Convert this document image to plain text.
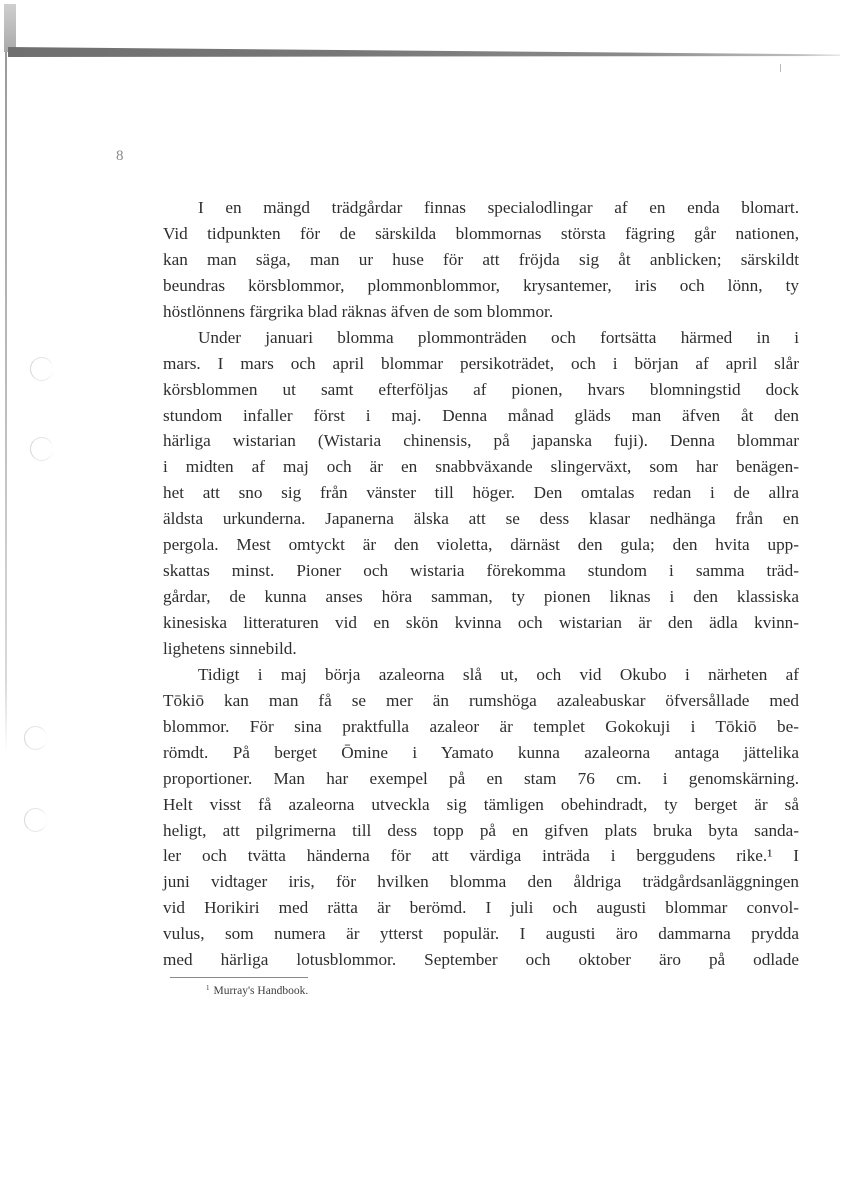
8
I en mängd trädgårdar finnas specialodlingar af en enda blomart.
Vid tidpunkten för de särskilda blommornas största fägring går nationen,
kan man säga, man ur huse för att fröjda sig åt anblicken; särskildt
beundras körsblommor, plommonblommor, krysantemer, iris och lönn, ty
höstlönnens färgrika blad räknas äfven de som blommor.
Under januari blomma plommonträden och fortsätta härmed in i
mars. I mars och april blommar persikoträdet, och i början af april slår
körsblommen ut samt efterföljas af pionen, hvars blomningstid dock
stundom infaller först i maj. Denna månad gläds man äfven åt den
härliga wistarian (Wistaria chinensis, på japanska fuji). Denna blommar
i midten af maj och är en snabbväxande slingerväxt, som har benägen-
het att sno sig från vänster till höger. Den omtalas redan i de allra
äldsta urkunderna. Japanerna älska att se dess klasar nedhänga från en
pergola. Mest omtyckt är den violetta, därnäst den gula; den hvita upp-
skattas minst. Pioner och wistaria förekomma stundom i samma träd-
gårdar, de kunna anses höra samman, ty pionen liknas i den klassiska
kinesiska litteraturen vid en skön kvinna och wistarian är den ädla kvinn-
lighetens sinnebild.
Tidigt i maj börja azaleorna slå ut, och vid Okubo i närheten af
Tōkiō kan man få se mer än rumshöga azaleabuskar öfversållade med
blommor. För sina praktfulla azaleor är templet Gokokuji i Tōkiō be-
römdt. På berget Ōmine i Yamato kunna azaleorna antaga jättelika
proportioner. Man har exempel på en stam 76 cm. i genomskärning.
Helt visst få azaleorna utveckla sig tämligen obehindradt, ty berget är så
heligt, att pilgrimerna till dess topp på en gifven plats bruka byta sanda-
ler och tvätta händerna för att värdiga inträda i berggudens rike.¹ I
juni vidtager iris, för hvilken blomma den åldriga trädgårdsanläggningen
vid Horikiri med rätta är berömd. I juli och augusti blommar convol-
vulus, som numera är ytterst populär. I augusti äro dammarna prydda
med härliga lotusblommor. September och oktober äro på odlade
$^1$ Murray's Handbook.
